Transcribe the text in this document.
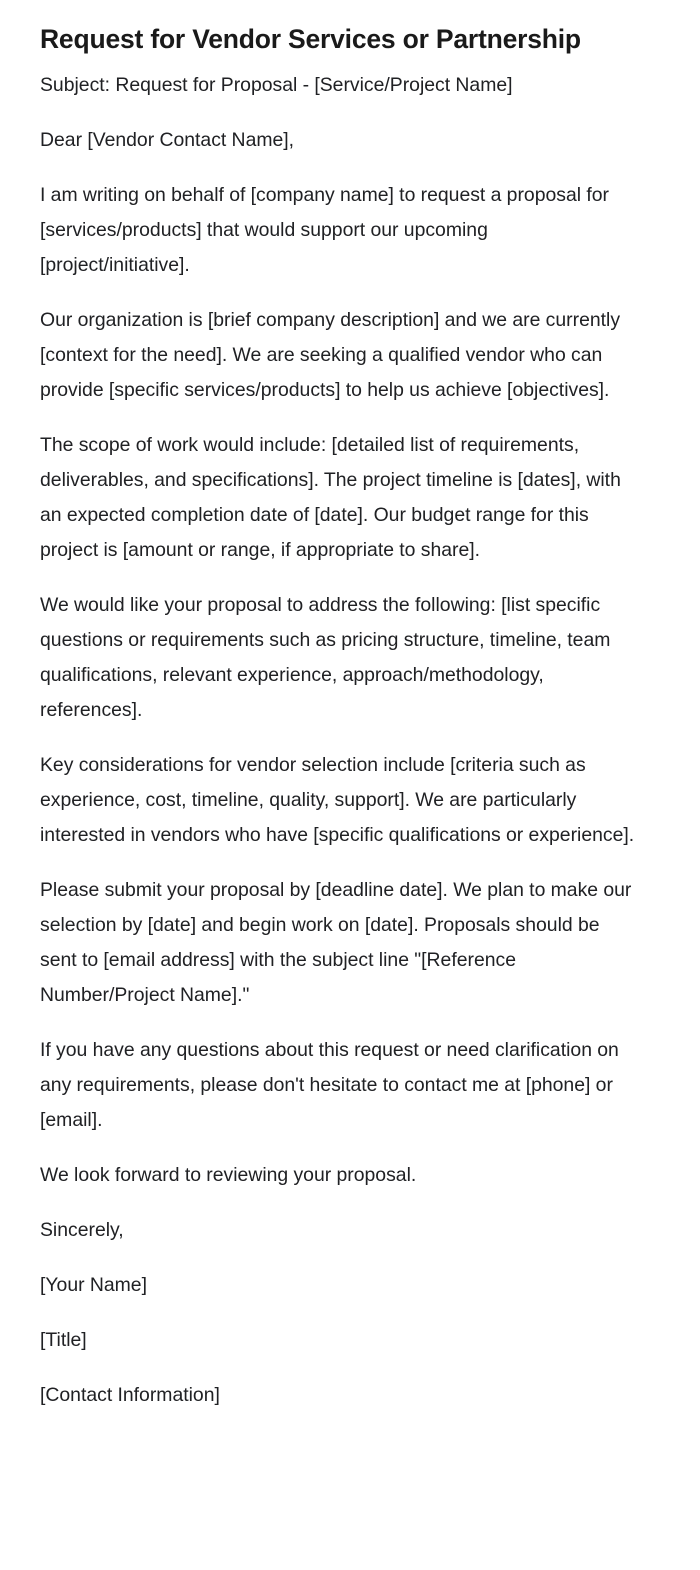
Request for Vendor Services or Partnership

Subject: Request for Proposal - [Service/Project Name]

Dear [Vendor Contact Name],

I am writing on behalf of [company name] to request a proposal for [services/products] that would support our upcoming [project/initiative].

Our organization is [brief company description] and we are currently [context for the need]. We are seeking a qualified vendor who can provide [specific services/products] to help us achieve [objectives].

The scope of work would include: [detailed list of requirements, deliverables, and specifications]. The project timeline is [dates], with an expected completion date of [date]. Our budget range for this project is [amount or range, if appropriate to share].

We would like your proposal to address the following: [list specific questions or requirements such as pricing structure, timeline, team qualifications, relevant experience, approach/methodology, references].

Key considerations for vendor selection include [criteria such as experience, cost, timeline, quality, support]. We are particularly interested in vendors who have [specific qualifications or experience].

Please submit your proposal by [deadline date]. We plan to make our selection by [date] and begin work on [date]. Proposals should be sent to [email address] with the subject line "[Reference Number/Project Name]."

If you have any questions about this request or need clarification on any requirements, please don't hesitate to contact me at [phone] or [email].

We look forward to reviewing your proposal.

Sincerely,

[Your Name]

[Title]

[Contact Information]
